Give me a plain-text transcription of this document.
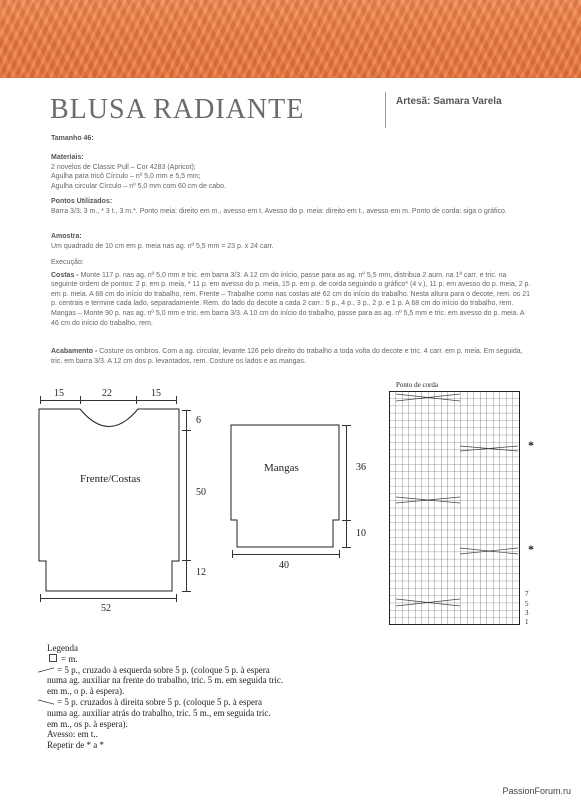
BLUSA RADIANTE	Artesã: Samara Varela
Tamanho 46:
Materiais:
2 novelos de Classic Pull – Cor 4283 (Apricot);
Agulha para tricô Círculo – nº 5,0 mm e 5,5 mm;
Agulha circular Círculo – nº 5,0 mm com 60 cm de cabo.
Pontos Utilizados:
Barra 3/3: 3 m., * 3 t., 3 m.*. Ponto meia: direito em m., avesso em t. Avesso do p. meia: direito em t., avesso em m. Ponto de corda: siga o gráfico.
Amostra:
Um quadrado de 10 cm em p. meia nas ag. nº 5,5 mm = 23 p. x 24 carr.
Execução:
Costas - Monte 117 p. nas ag. nº 5,0 mm e tric. em barra 3/3. A 12 cm do início, passe para as ag. nº 5,5 mm, distribua 2 aum. na 1ª carr. e tric. na seguinte ordem de pontos: 2 p. em p. meia, * 11 p. em avesso do p. meia, 15 p. em p. de corda seguindo o gráfico* (4 v.), 11 p. em avesso do p. meia, 2 p. em p. meia. A 68 cm do início do trabalho, rem. Frente – Trabalhe como nas costas até 62 cm do início do trabalho. Nesta altura para o decote, rem. os 21 p. centrais e termine cada lado, separadamente. Rem. do lado do decote a cada 2 carr.: 5 p., 4 p., 3 p., 2 p. e 1 p. A 68 cm do início do trabalho, rem. Mangas – Monte 90 p. nas ag. nº 5,0 mm e tric. em barra 3/3. A 10 cm do início do trabalho, passe para as ag. nº 5,5 mm e tric. em avesso do p. meia. A 46 cm do início do trabalho, rem.
Acabamento - Costure os ombros. Com a ag. circular, levante 126 pelo direito do trabalho a toda volta do decote e tric. 4 carr. em p. meia. Em seguida, tric. em barra 3/3. A 12 cm dos p. levantados, rem. Costure os lados e as mangas.
15	22	15
Frente/Costas
6
50
12
52
Mangas	36
10
40
Ponto de corda
*
*
7
5
3
1
Legenda
= m.
= 5 p., cruzado à esquerda sobre 5 p. (coloque 5 p. à espera
numa ag. auxiliar na frente do trabalho, tric. 5 m. em seguida tric.
em m., o p. à espera).
= 5 p. cruzados à direita sobre 5 p. (coloque 5 p. à espera
numa ag. auxiliar atrás do trabalho, tric. 5 m., em seguida tric.
em m., os p. à espera).
Avesso: em t..
Repetir de * a *
PassionForum.ru
